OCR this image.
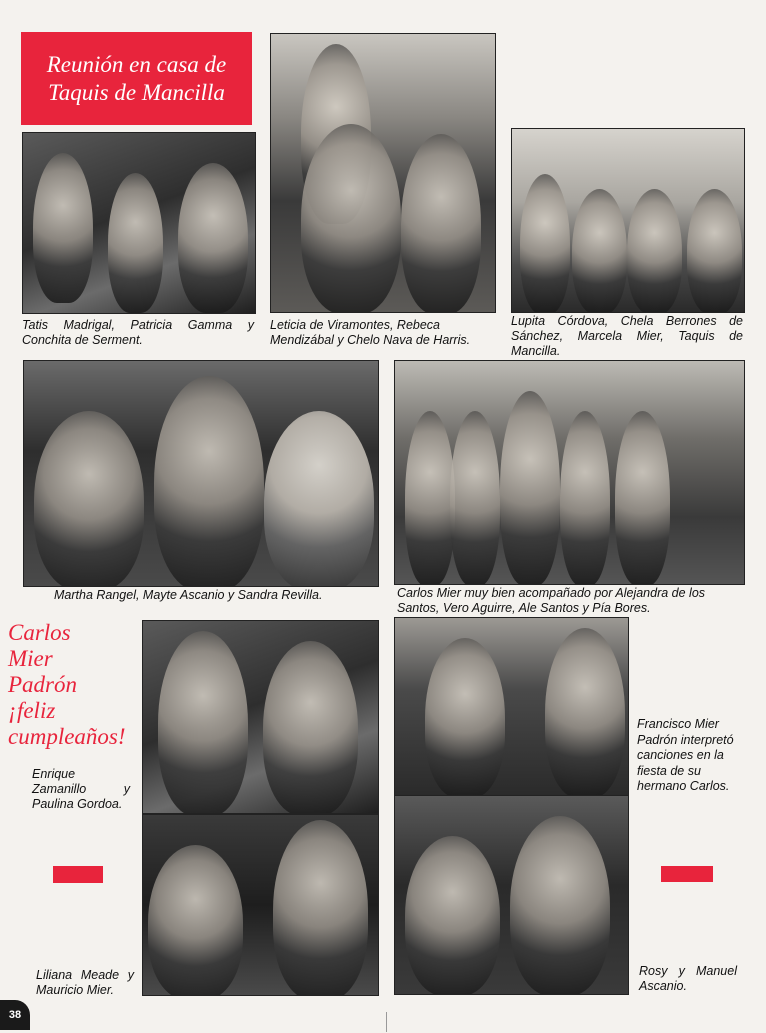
Reunión en casa de
Taquis de Mancilla

Tatis Madrigal, Patricia Gamma y Conchita de Serment.

Leticia de Viramontes, Rebeca Mendizábal y Chelo Nava de Harris.

Lupita Córdova, Chela Berrones de Sánchez, Marcela Mier, Taquis de Mancilla.

Martha Rangel, Mayte Ascanio y Sandra Revilla.	Carlos Mier muy bien acompañado por Alejandra de los Santos, Vero Aguirre, Ale Santos y Pía Bores.

Carlos
Mier
Padrón
¡feliz
cumpleaños!

Enrique Zamanillo y Paulina Gordoa.

Liliana Meade y Mauricio Mier.

Francisco Mier Padrón interpretó canciones en la fiesta de su hermano Carlos.

Rosy y Manuel Ascanio.

38
